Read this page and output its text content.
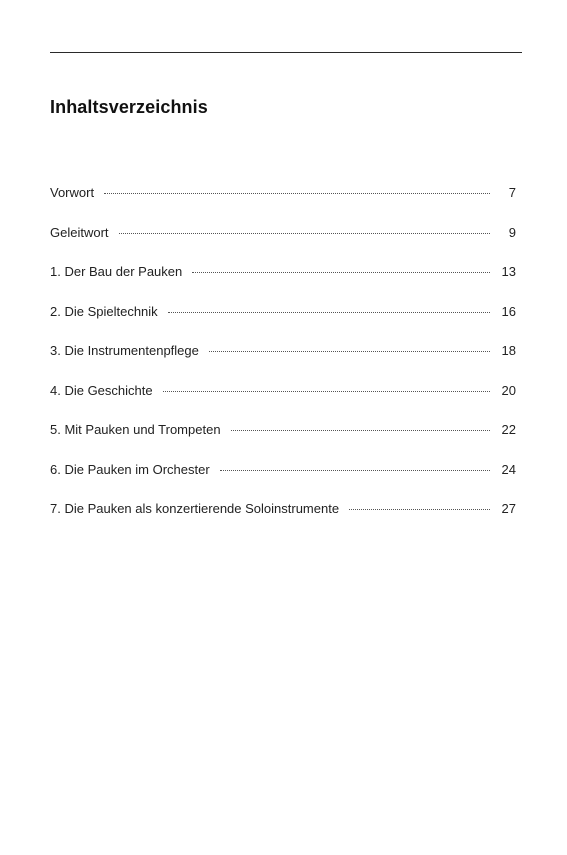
Inhaltsverzeichnis
Vorwort	7
Geleitwort	9
1. Der Bau der Pauken	13
2. Die Spieltechnik	16
3. Die Instrumentenpflege	18
4. Die Geschichte	20
5. Mit Pauken und Trompeten	22
6. Die Pauken im Orchester	24
7. Die Pauken als konzertierende Soloinstrumente	27
